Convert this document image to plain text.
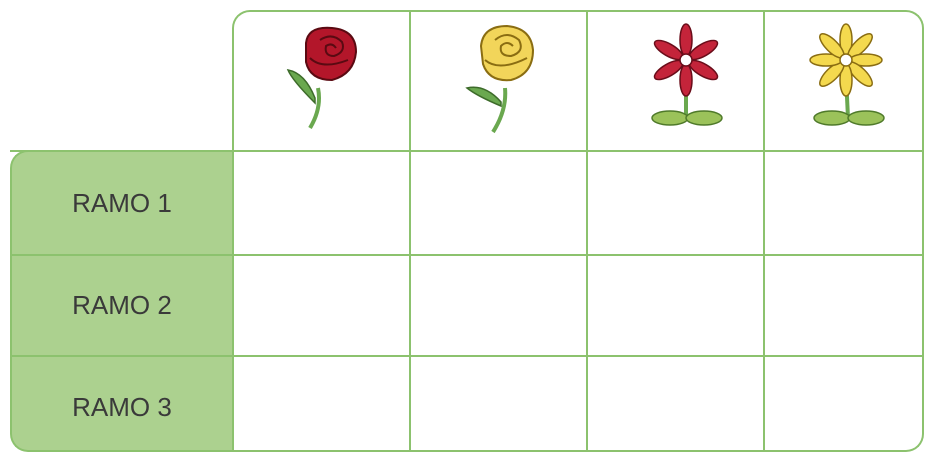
RAMO 1
RAMO 2
RAMO 3
